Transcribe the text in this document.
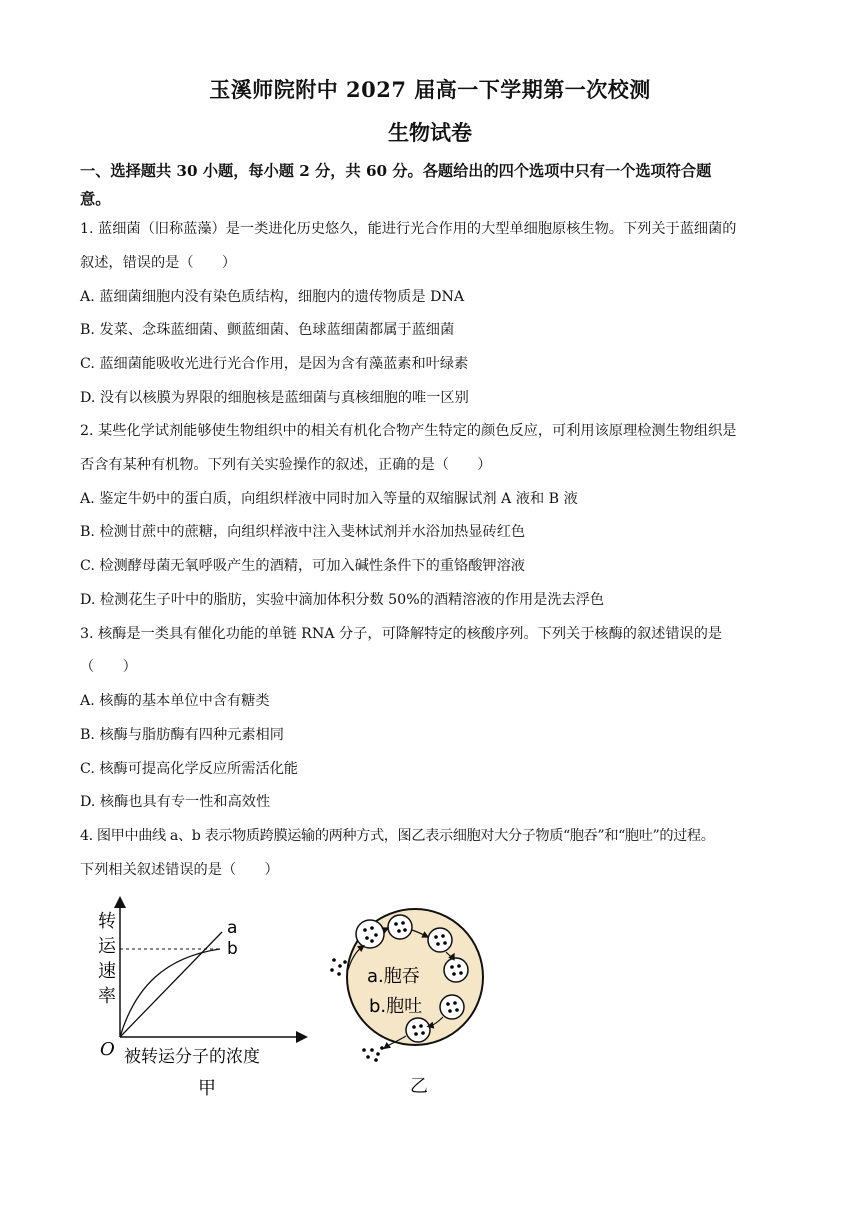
玉溪师院附中 2027 届高一下学期第一次校测
生物试卷
一、选择题共 30 小题，每小题 2 分，共 60 分。各题给出的四个选项中只有一个选项符合题
意。
1. 蓝细菌（旧称蓝藻）是一类进化历史悠久，能进行光合作用的大型单细胞原核生物。下列关于蓝细菌的
叙述，错误的是（　　）
A. 蓝细菌细胞内没有染色质结构，细胞内的遗传物质是 DNA
B. 发菜、念珠蓝细菌、颤蓝细菌、色球蓝细菌都属于蓝细菌
C. 蓝细菌能吸收光进行光合作用，是因为含有藻蓝素和叶绿素
D. 没有以核膜为界限的细胞核是蓝细菌与真核细胞的唯一区别
2. 某些化学试剂能够使生物组织中的相关有机化合物产生特定的颜色反应，可利用该原理检测生物组织是
否含有某种有机物。下列有关实验操作的叙述，正确的是（　　）
A. 鉴定牛奶中的蛋白质，向组织样液中同时加入等量的双缩脲试剂 A 液和 B 液
B. 检测甘蔗中的蔗糖，向组织样液中注入斐林试剂并水浴加热显砖红色
C. 检测酵母菌无氧呼吸产生的酒精，可加入碱性条件下的重铬酸钾溶液
D. 检测花生子叶中的脂肪，实验中滴加体积分数 50%的酒精溶液的作用是洗去浮色
3. 核酶是一类具有催化功能的单链 RNA 分子，可降解特定的核酸序列。下列关于核酶的叙述错误的是
（　　）
A. 核酶的基本单位中含有糖类
B. 核酶与脂肪酶有四种元素相同
C. 核酶可提高化学反应所需活化能
D. 核酶也具有专一性和高效性
4. 图甲中曲线 a、b 表示物质跨膜运输的两种方式，图乙表示细胞对大分子物质“胞吞”和“胞吐”的过程。
下列相关叙述错误的是（　　）
转
运
速
率
O 被转运分子的浓度
甲
a
b
a.胞吞
b.胞吐
乙
